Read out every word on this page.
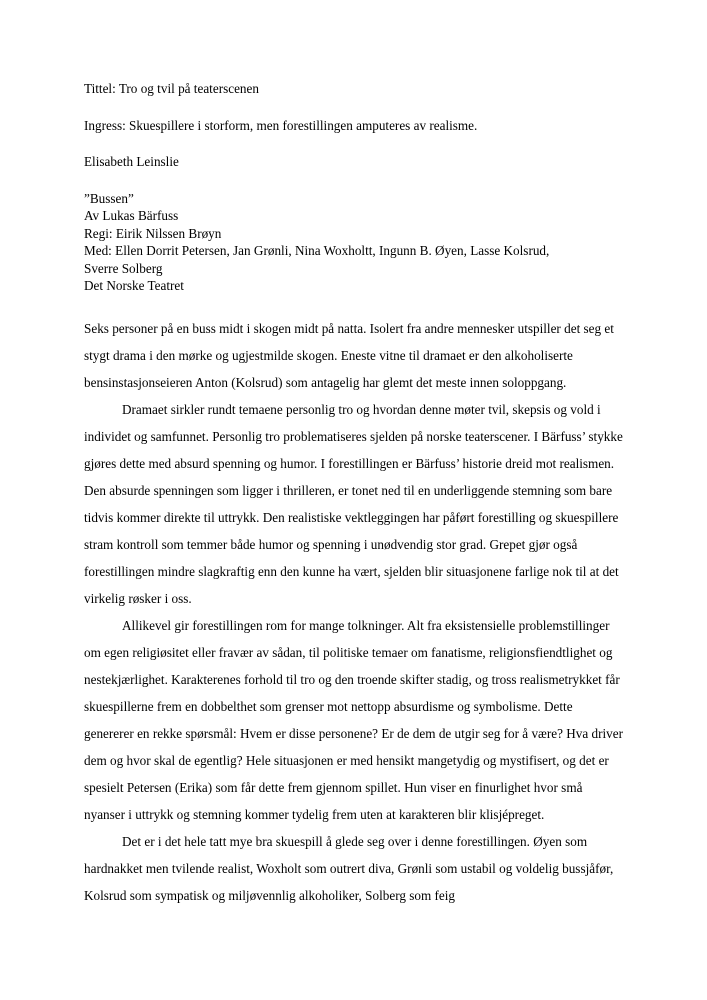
Tittel: Tro og tvil på teaterscenen
Ingress: Skuespillere i storform, men forestillingen amputeres av realisme.
Elisabeth Leinslie
”Bussen”
Av Lukas Bärfuss
Regi: Eirik Nilssen Brøyn
Med: Ellen Dorrit Petersen, Jan Grønli, Nina Woxholtt, Ingunn B. Øyen, Lasse Kolsrud,
Sverre Solberg
Det Norske Teatret

Seks personer på en buss midt i skogen midt på natta. Isolert fra andre mennesker utspiller det seg et stygt drama i den mørke og ugjestmilde skogen. Eneste vitne til dramaet er den alkoholiserte bensinstasjonseieren Anton (Kolsrud) som antagelig har glemt det meste innen soloppgang.

Dramaet sirkler rundt temaene personlig tro og hvordan denne møter tvil, skepsis og vold i individet og samfunnet. Personlig tro problematiseres sjelden på norske teaterscener. I Bärfuss’ stykke gjøres dette med absurd spenning og humor. I forestillingen er Bärfuss’ historie dreid mot realismen. Den absurde spenningen som ligger i thrilleren, er tonet ned til en underliggende stemning som bare tidvis kommer direkte til uttrykk. Den realistiske vektleggingen har påført forestilling og skuespillere stram kontroll som temmer både humor og spenning i unødvendig stor grad. Grepet gjør også forestillingen mindre slagkraftig enn den kunne ha vært, sjelden blir situasjonene farlige nok til at det virkelig røsker i oss.

Allikevel gir forestillingen rom for mange tolkninger. Alt fra eksistensielle problemstillinger om egen religiøsitet eller fravær av sådan, til politiske temaer om fanatisme, religionsfiendtlighet og nestekjærlighet. Karakterenes forhold til tro og den troende skifter stadig, og tross realismetrykket får skuespillerne frem en dobbelthet som grenser mot nettopp absurdisme og symbolisme. Dette genererer en rekke spørsmål: Hvem er disse personene? Er de dem de utgir seg for å være? Hva driver dem og hvor skal de egentlig? Hele situasjonen er med hensikt mangetydig og mystifisert, og det er spesielt Petersen (Erika) som får dette frem gjennom spillet. Hun viser en finurlighet hvor små nyanser i uttrykk og stemning kommer tydelig frem uten at karakteren blir klisjépreget.

Det er i det hele tatt mye bra skuespill å glede seg over i denne forestillingen. Øyen som hardnakket men tvilende realist, Woxholt som outrert diva, Grønli som ustabil og voldelig bussjåfør, Kolsrud som sympatisk og miljøvennlig alkoholiker, Solberg som feig
